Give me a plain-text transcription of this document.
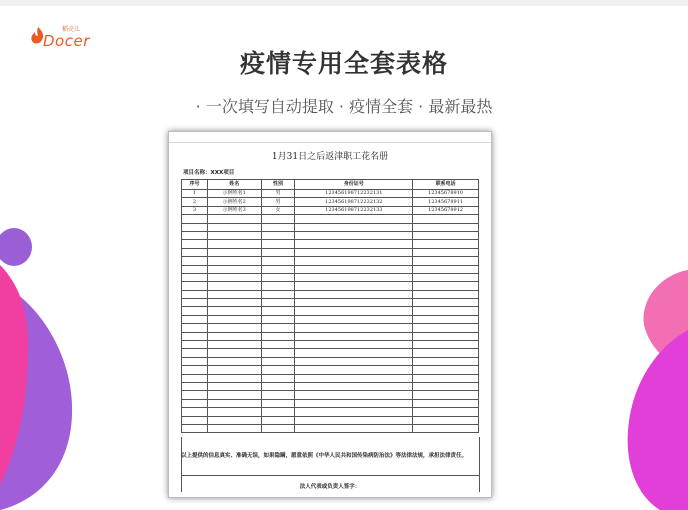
Docer
稻壳儿
疫情专用全套表格
· 一次填写自动提取 · 疫情全套 · 最新最热
1月31日之后返津职工花名册
项目名称：XXX项目
序号	姓名	性别	身份证号	联系电话
1	示例姓名1	男	123456198712232131	12345678910
2	示例姓名2	男	123456198712232132	12345678911
3	示例姓名3	女	123456198712232133	12345678912

以上提供的信息真实、准确无误，如果隐瞒，愿意依照《中华人民共和国传染病防治法》等法律法规，承担法律责任。
法人代表或负责人签字：
